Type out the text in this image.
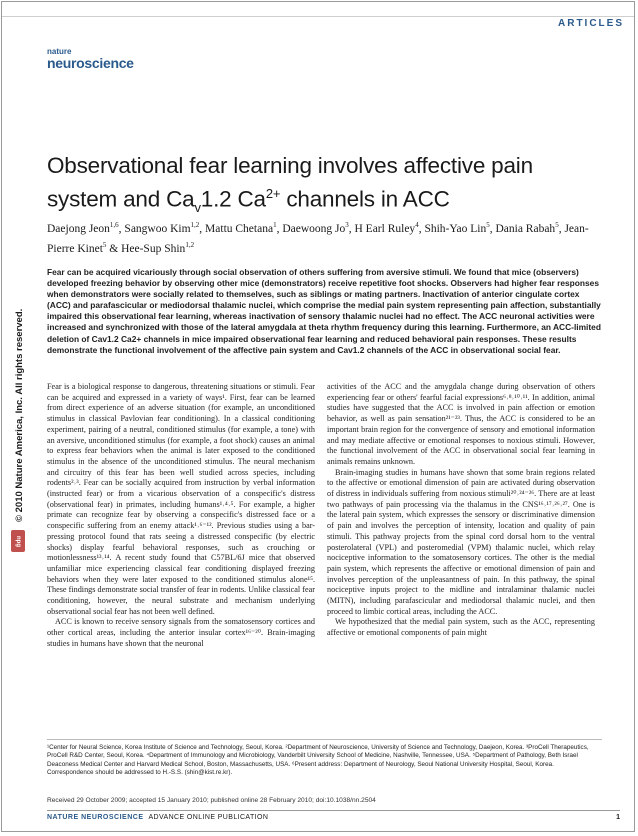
ARTICLES
nature
neuroscience
Observational fear learning involves affective pain
system and $Ca_v1.2$ $Ca^{2+}$ channels in ACC
Daejong Jeon$^{1,6}$, Sangwoo Kim$^{1,2}$, Mattu Chetana$^1$, Daewoong Jo$^3$, H Earl Ruley$^4$, Shih-Yao Lin$^5$, Dania Rabah$^5$, Jean-Pierre Kinet$^5$ & Hee-Sup Shin$^{1,2}$

Fear can be acquired vicariously through social observation of others suffering from aversive stimuli. We found that mice (observers) developed freezing behavior by observing other mice (demonstrators) receive repetitive foot shocks. Observers had higher fear responses when demonstrators were socially related to themselves, such as siblings or mating partners. Inactivation of anterior cingulate cortex (ACC) and parafascicular or mediodorsal thalamic nuclei, which comprise the medial pain system representing pain affection, substantially impaired this observational fear learning, whereas inactivation of sensory thalamic nuclei had no effect. The ACC neuronal activities were increased and synchronized with those of the lateral amygdala at theta rhythm frequency during this learning. Furthermore, an ACC-limited deletion of Cav1.2 Ca2+ channels in mice impaired observational fear learning and reduced behavioral pain responses. These results demonstrate the functional involvement of the affective pain system and Cav1.2 channels of the ACC in observational social fear.

© 2010 Nature America, Inc. All rights reserved.
npg

Fear is a biological response to dangerous, threatening situations or stimuli. Fear can be acquired and expressed in a variety of ways¹. First, fear can be learned from direct experience of an adverse situation (for example, an unconditioned stimulus in classical Pavlovian fear conditioning). In a classical conditioning experiment, pairing of a neutral, conditioned stimulus (for example, a tone) with an aversive, unconditioned stimulus (for example, a foot shock) causes an animal to express fear behaviors when the animal is later exposed to the conditioned stimulus in the absence of the unconditioned stimulus. The neural mechanism and circuitry of this fear has been well studied across species, including rodents²˒³. Fear can be socially acquired from instruction by verbal information (instructed fear) or from a vicarious observation of a conspecific's distress (observational fear) in primates, including humans¹˒⁴˒⁵. For example, a higher primate can recognize fear by observing a conspecific's distressed face or a conspecific suffering from an enemy attack¹˒⁶⁻¹². Previous studies using a bar-pressing protocol found that rats seeing a distressed conspecific (by electric shocks) display fearful behavioral responses, such as crouching or motionlessness¹³˒¹⁴. A recent study found that C57BL/6J mice that observed unfamiliar mice experiencing classical fear conditioning displayed freezing behaviors when they were later exposed to the conditioned stimulus alone¹⁵. These findings demonstrate social transfer of fear in rodents. Unlike classical fear conditioning, however, the neural substrate and mechanism underlying observational social fear has not been well defined.

ACC is known to receive sensory signals from the somatosensory cortices and other cortical areas, including the anterior insular cortex¹⁶⁻²⁰. Brain-imaging studies in humans have shown that the neuronal

activities of the ACC and the amygdala change during observation of others experiencing fear or others' fearful facial expressions⁶˒⁸˒¹⁰˒¹¹. In addition, animal studies have suggested that the ACC is involved in pain affection or emotion behavior, as well as pain sensation²¹⁻²³. Thus, the ACC is considered to be an important brain region for the convergence of sensory and emotional information and may mediate affective or emotional responses to noxious stimuli. However, the functional involvement of the ACC in observational social fear learning in animals remains unknown.

Brain-imaging studies in humans have shown that some brain regions related to the affective or emotional dimension of pain are activated during observation of distress in individuals suffering from noxious stimuli²⁰˒²⁴⁻²⁶. There are at least two pathways of pain processing via the thalamus in the CNS¹⁶˒¹⁷˒²⁶˒²⁷. One is the lateral pain system, which expresses the sensory or discriminative dimension of pain and involves the perception of intensity, location and quality of pain stimuli. This pathway projects from the spinal cord dorsal horn to the ventral posterolateral (VPL) and posteromedial (VPM) thalamic nuclei, which relay nociceptive information to the somatosensory cortices. The other is the medial pain system, which represents the affective or emotional dimension of pain and involves perception of the unpleasantness of pain. In this pathway, the spinal nociceptive inputs project to the midline and intralaminar thalamic nuclei (MITN), including parafascicular and mediodorsal thalamic nuclei, and then proceed to limbic cortical areas, including the ACC.

We hypothesized that the medial pain system, such as the ACC, representing affective or emotional components of pain might

¹Center for Neural Science, Korea Institute of Science and Technology, Seoul, Korea. ²Department of Neuroscience, University of Science and Technology, Daejeon, Korea. ³ProCell Therapeutics, ProCell R&D Center, Seoul, Korea. ⁴Department of Immunology and Microbiology, Vanderbilt University School of Medicine, Nashville, Tennessee, USA. ⁵Department of Pathology, Beth Israel Deaconess Medical Center and Harvard Medical School, Boston, Massachusetts, USA. ⁶Present address: Department of Neurology, Seoul National University Hospital, Seoul, Korea. Correspondence should be addressed to H.-S.S. (shin@kist.re.kr).
Received 29 October 2009; accepted 15 January 2010; published online 28 February 2010; doi:10.1038/nn.2504
NATURE NEUROSCIENCE ADVANCE ONLINE PUBLICATION	1
